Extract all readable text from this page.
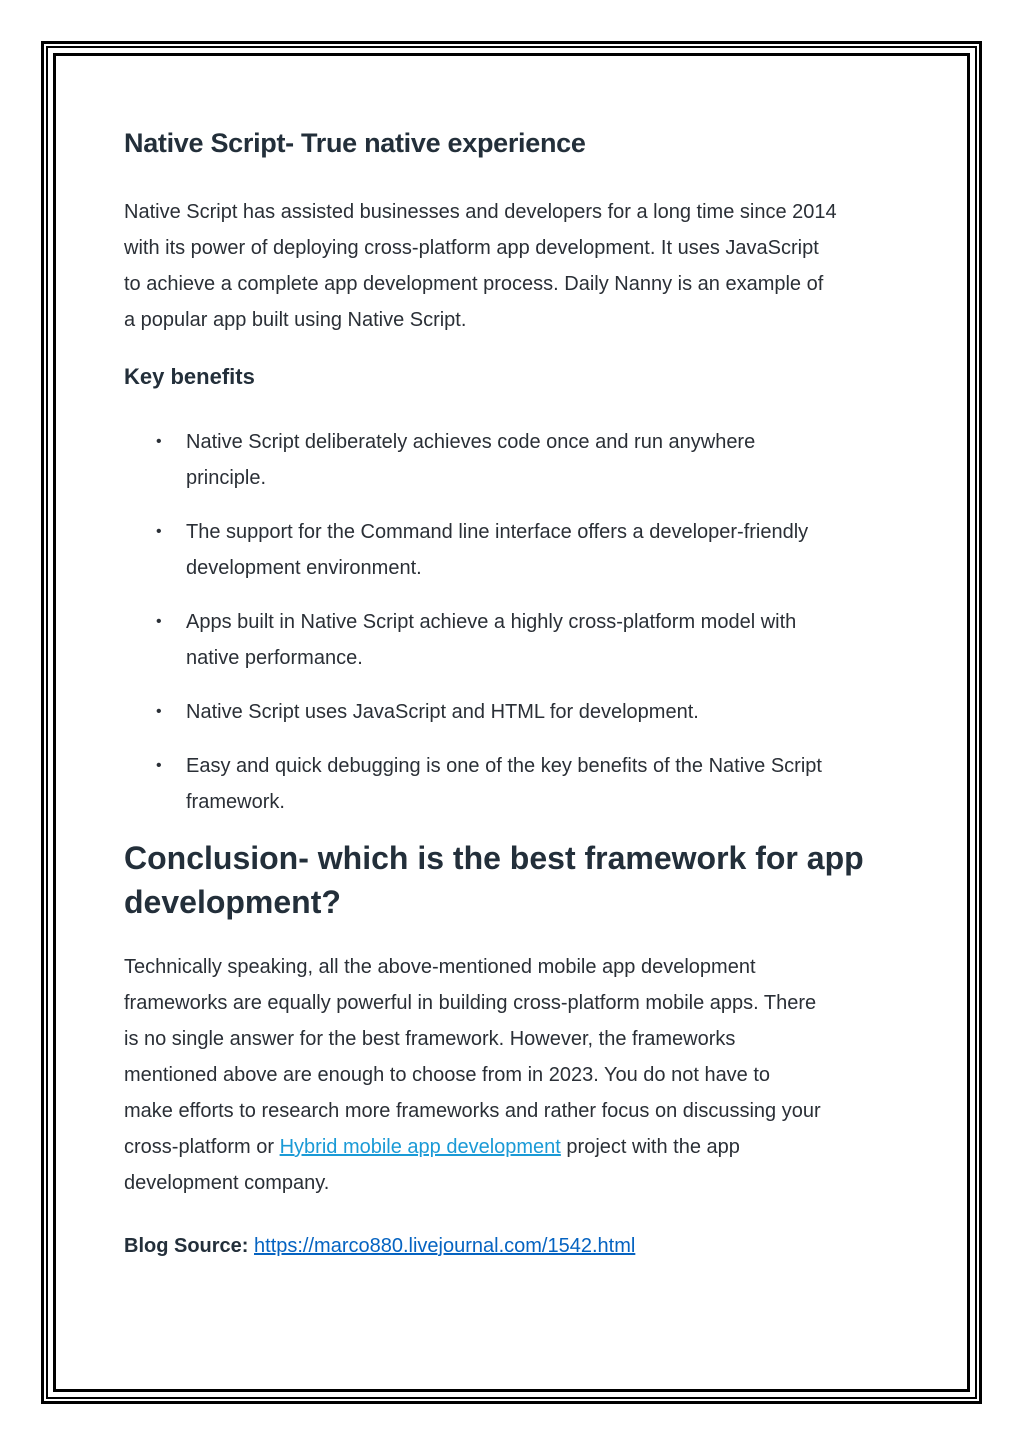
Native Script- True native experience

Native Script has assisted businesses and developers for a long time since 2014
with its power of deploying cross-platform app development. It uses JavaScript
to achieve a complete app development process. Daily Nanny is an example of
a popular app built using Native Script.

Key benefits
• Native Script deliberately achieves code once and run anywhere
principle.
• The support for the Command line interface offers a developer-friendly
development environment.
• Apps built in Native Script achieve a highly cross-platform model with
native performance.
• Native Script uses JavaScript and HTML for development.
• Easy and quick debugging is one of the key benefits of the Native Script
framework.
Conclusion- which is the best framework for app
development?

Technically speaking, all the above-mentioned mobile app development
frameworks are equally powerful in building cross-platform mobile apps. There
is no single answer for the best framework. However, the frameworks
mentioned above are enough to choose from in 2023. You do not have to
make efforts to research more frameworks and rather focus on discussing your
cross-platform or Hybrid mobile app development project with the app
development company.

Blog Source: https://marco880.livejournal.com/1542.html
